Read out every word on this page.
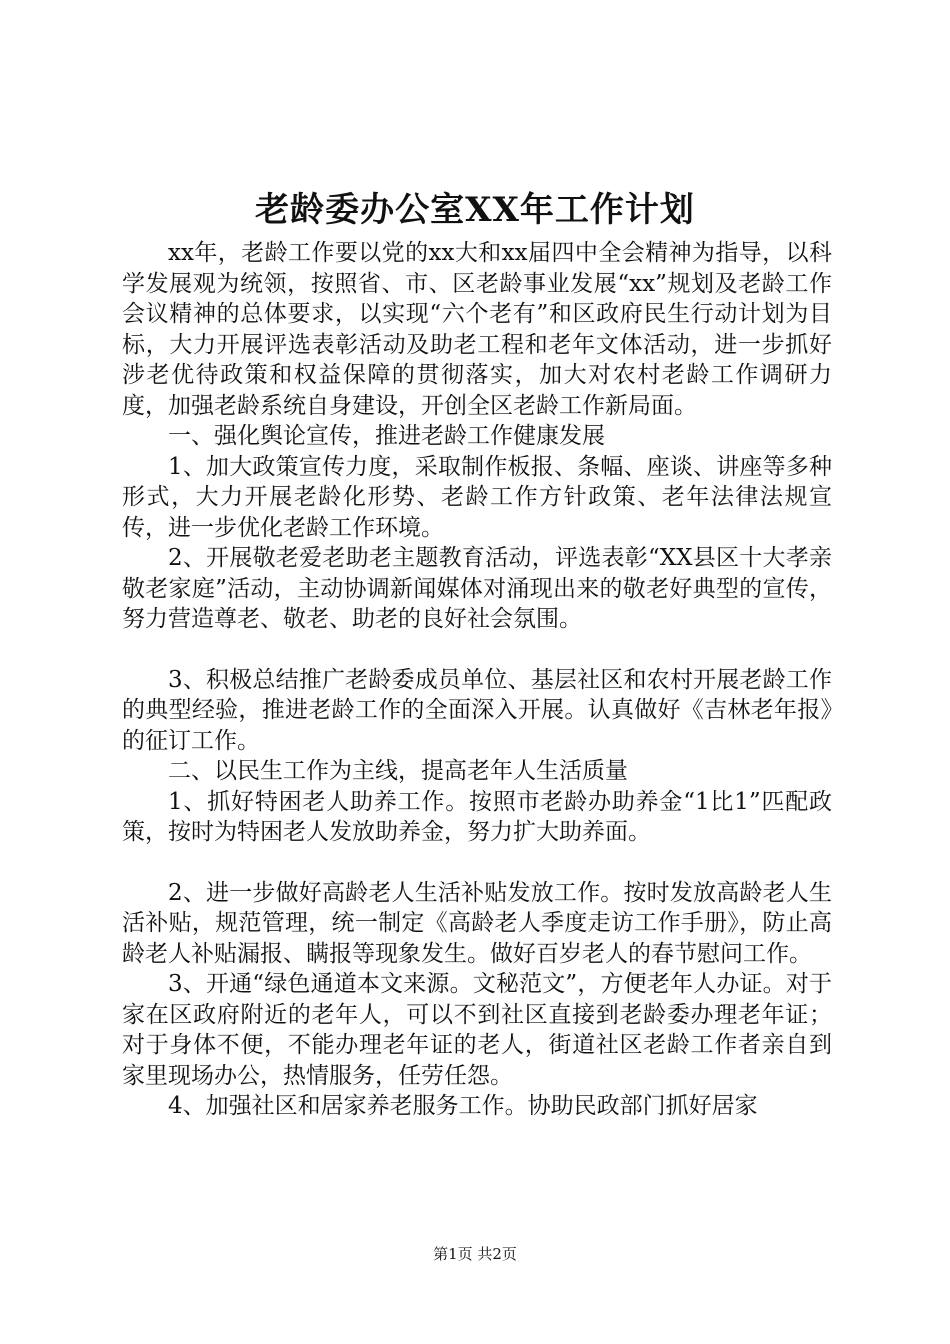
老龄委办公室XX年工作计划

xx年，老龄工作要以党的xx大和xx届四中全会精神为指导，以科学发展观为统领，按照省、市、区老龄事业发展“xx”规划及老龄工作会议精神的总体要求，以实现“六个老有”和区政府民生行动计划为目标，大力开展评选表彰活动及助老工程和老年文体活动，进一步抓好涉老优待政策和权益保障的贯彻落实，加大对农村老龄工作调研力度，加强老龄系统自身建设，开创全区老龄工作新局面。

一、强化舆论宣传，推进老龄工作健康发展

1、加大政策宣传力度，采取制作板报、条幅、座谈、讲座等多种形式，大力开展老龄化形势、老龄工作方针政策、老年法律法规宣传，进一步优化老龄工作环境。

2、开展敬老爱老助老主题教育活动，评选表彰“XX县区十大孝亲敬老家庭”活动，主动协调新闻媒体对涌现出来的敬老好典型的宣传，努力营造尊老、敬老、助老的良好社会氛围。

3、积极总结推广老龄委成员单位、基层社区和农村开展老龄工作的典型经验，推进老龄工作的全面深入开展。认真做好《吉林老年报》的征订工作。

二、以民生工作为主线，提高老年人生活质量

1、抓好特困老人助养工作。按照市老龄办助养金“1比1”匹配政策，按时为特困老人发放助养金，努力扩大助养面。

2、进一步做好高龄老人生活补贴发放工作。按时发放高龄老人生活补贴，规范管理，统一制定《高龄老人季度走访工作手册》，防止高龄老人补贴漏报、瞒报等现象发生。做好百岁老人的春节慰问工作。

3、开通“绿色通道本文来源。文秘范文”，方便老年人办证。对于家在区政府附近的老年人，可以不到社区直接到老龄委办理老年证；对于身体不便，不能办理老年证的老人，街道社区老龄工作者亲自到家里现场办公，热情服务，任劳任怨。

4、加强社区和居家养老服务工作。协助民政部门抓好居家

第1页 共2页
